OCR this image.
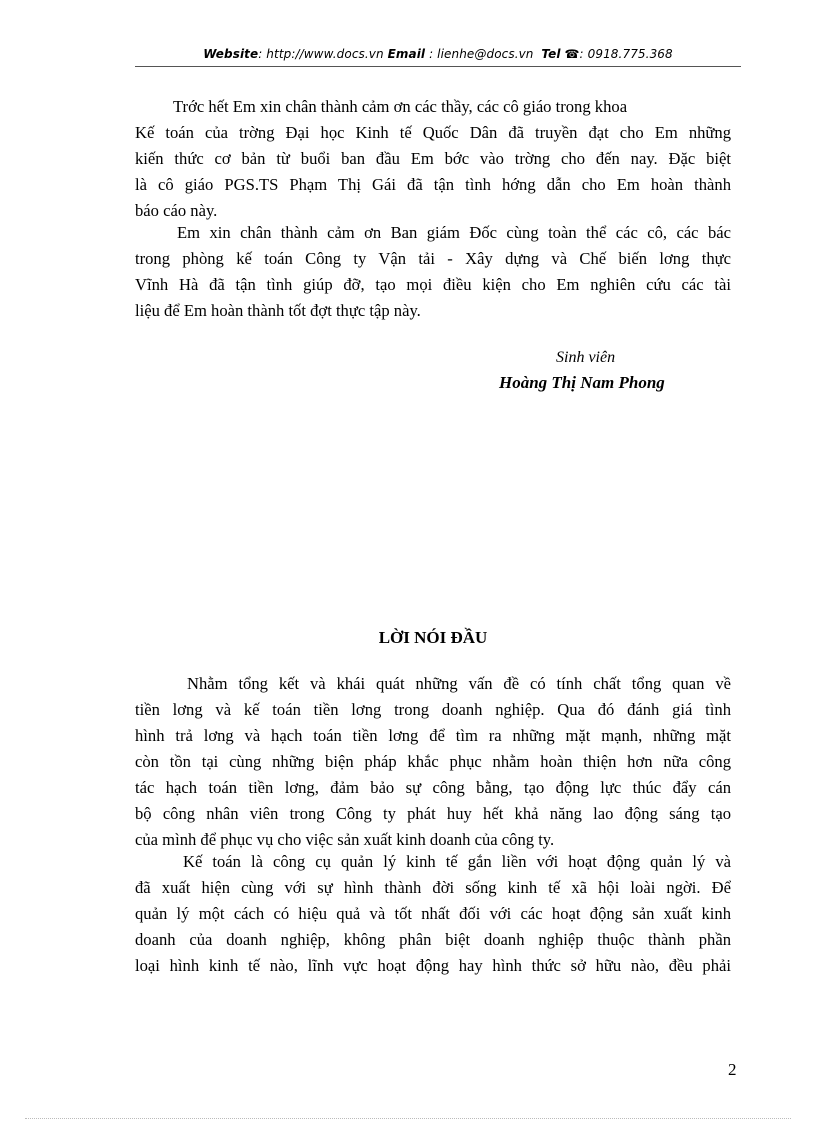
Website: http://www.docs.vn Email : lienhe@docs.vn Tel ☎: 0918.775.368
Trớc hết Em xin chân thành cảm ơn các thầy, các cô giáo trong khoa
Kế toán của trờng Đại học Kinh tế Quốc Dân đã truyền đạt cho Em những
kiến thức cơ bản từ buổi ban đầu Em bớc vào trờng cho đến nay. Đặc biệt
là cô giáo PGS.TS Phạm Thị Gái đã tận tình hớng dẫn cho Em hoàn thành
báo cáo này.
Em xin chân thành cảm ơn Ban giám Đốc cùng toàn thể các cô, các bác
trong phòng kế toán Công ty Vận tải - Xây dựng và Chế biến lơng thực
Vĩnh Hà đã tận tình giúp đỡ, tạo mọi điều kiện cho Em nghiên cứu các tài
liệu để Em hoàn thành tốt đợt thực tập này.
Sinh viên
Hoàng Thị Nam Phong
LỜI NÓI ĐẦU
Nhằm tổng kết và khái quát những vấn đề có tính chất tổng quan về
tiền lơng và kế toán tiền lơng trong doanh nghiệp. Qua đó đánh giá tình
hình trả lơng và hạch toán tiền lơng để tìm ra những mặt mạnh, những mặt
còn tồn tại cùng những biện pháp khắc phục nhằm hoàn thiện hơn nữa công
tác hạch toán tiền lơng, đảm bảo sự công bằng, tạo động lực thúc đẩy cán
bộ công nhân viên trong Công ty phát huy hết khả năng lao động sáng tạo
của mình để phục vụ cho việc sản xuất kinh doanh của công ty.
Kế toán là công cụ quản lý kinh tế gắn liền với hoạt động quản lý và
đã xuất hiện cùng với sự hình thành đời sống kinh tế xã hội loài ngời. Để
quản lý một cách có hiệu quả và tốt nhất đối với các hoạt động sản xuất kinh
doanh của doanh nghiệp, không phân biệt doanh nghiệp thuộc thành phần
loại hình kinh tế nào, lĩnh vực hoạt động hay hình thức sở hữu nào, đều phải
2
